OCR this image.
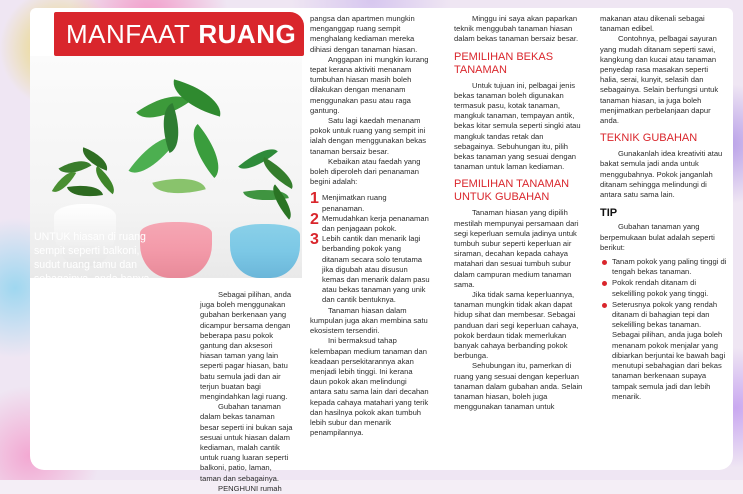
MANFAAT RUANG
UNTUK hiasan di ruang sempit seperti balkoni, sudut ruang tamu dan sebagainya, anda hanya perlu menggunakan beberapa bekas tanaman atau pasu besar yang siap digubah cantik bagi mengindahkan lagi ruang.

Sebagai pilihan, anda juga boleh menggunakan gubahan berkenaan yang dicampur bersama dengan beberapa pasu pokok gantung dan aksesori hiasan taman yang lain seperti pagar hiasan, batu batu semula jadi dan air terjun buatan bagi mengindahkan lagi ruang.

Gubahan tanaman dalam bekas tanaman besar seperti ini bukan saja sesuai untuk hiasan dalam kediaman, malah cantik untuk ruang luaran seperti balkoni, patio, laman, taman dan sebagainya.

PENGHUNI rumah

pangsa dan apartmen mungkin menganggap ruang sempit menghalang kediaman mereka dihiasi dengan tanaman hiasan.

Anggapan ini mungkin kurang tepat kerana aktiviti menanam tumbuhan hiasan masih boleh dilakukan dengan menanam menggunakan pasu atau raga gantung.

Satu lagi kaedah menanam pokok untuk ruang yang sempit ini ialah dengan menggunakan bekas tanaman bersaiz besar.

Kebaikan atau faedah yang boleh diperoleh dari penanaman begini adalah:

1 Menjimatkan ruang penanaman.
2 Memudahkan kerja penanaman dan penjagaan pokok.
3 Lebih cantik dan menarik lagi berbanding pokok yang ditanam secara solo terutama jika digubah atau disusun kemas dan menarik dalam pasu atau bekas tanaman yang unik dan cantik bentuknya.

Tanaman hiasan dalam kumpulan juga akan membina satu ekosistem tersendiri.

Ini bermaksud tahap kelembapan medium tanaman dan keadaan persekitarannya akan menjadi lebih tinggi. Ini kerana daun pokok akan melindungi antara satu sama lain dari decahan kepada cahaya matahari yang terik dan hasilnya pokok akan tumbuh lebih subur dan menarik penampilannya.

Minggu ini saya akan paparkan teknik menggubah tanaman hiasan dalam bekas tanaman bersaiz besar.

PEMILIHAN BEKAS TANAMAN

Untuk tujuan ini, pelbagai jenis bekas tanaman boleh digunakan termasuk pasu, kotak tanaman, mangkuk tanaman, tempayan antik, bekas kitar semula seperti singki atau mangkuk tandas retak dan sebagainya. Sebuhungan itu, pilih bekas tanaman yang sesuai dengan tanaman untuk laman kediaman.

PEMILIHAN TANAMAN UNTUK GUBAHAN

Tanaman hiasan yang dipilih mestilah mempunyai persamaan dari segi keperluan semula jadinya untuk tumbuh subur seperti keperluan air siraman, decahan kepada cahaya matahari dan sesuai tumbuh subur dalam campuran medium tanaman sama.

Jika tidak sama keperluannya, tanaman mungkin tidak akan dapat hidup sihat dan membesar. Sebagai panduan dari segi keperluan cahaya, pokok berdaun tidak memerlukan banyak cahaya berbanding pokok berbunga.

Sehubungan itu, pamerkan di ruang yang sesuai dengan keperluan tanaman dalam gubahan anda. Selain tanaman hiasan, boleh juga menggunakan tanaman untuk

makanan atau dikenali sebagai tanaman edibel.

Contohnya, pelbagai sayuran yang mudah ditanam seperti sawi, kangkung dan kucai atau tanaman penyedap rasa masakan seperti halia, serai, kunyit, selasih dan sebagainya. Selain berfungsi untuk tanaman hiasan, ia juga boleh menjimatkan perbelanjaan dapur anda.

TEKNIK GUBAHAN

Gunakanlah idea kreativiti atau bakat semula jadi anda untuk menggubahnya. Pokok janganlah ditanam sehingga melindungi di antara satu sama lain.

TIP

Gubahan tanaman yang berpemukaan bulat adalah seperti berikut:

Tanam pokok yang paling tinggi di tengah bekas tanaman.
Pokok rendah ditanam di sekelilling pokok yang tinggi.
Seterusnya pokok yang rendah ditanam di bahagian tepi dan sekelilling bekas tanaman. Sebagai pilihan, anda juga boleh menanam pokok menjalar yang dibiarkan berjuntai ke bawah bagi menutupi sebahagian dari bekas tanaman berkenaan supaya tampak semula jadi dan lebih menarik.
